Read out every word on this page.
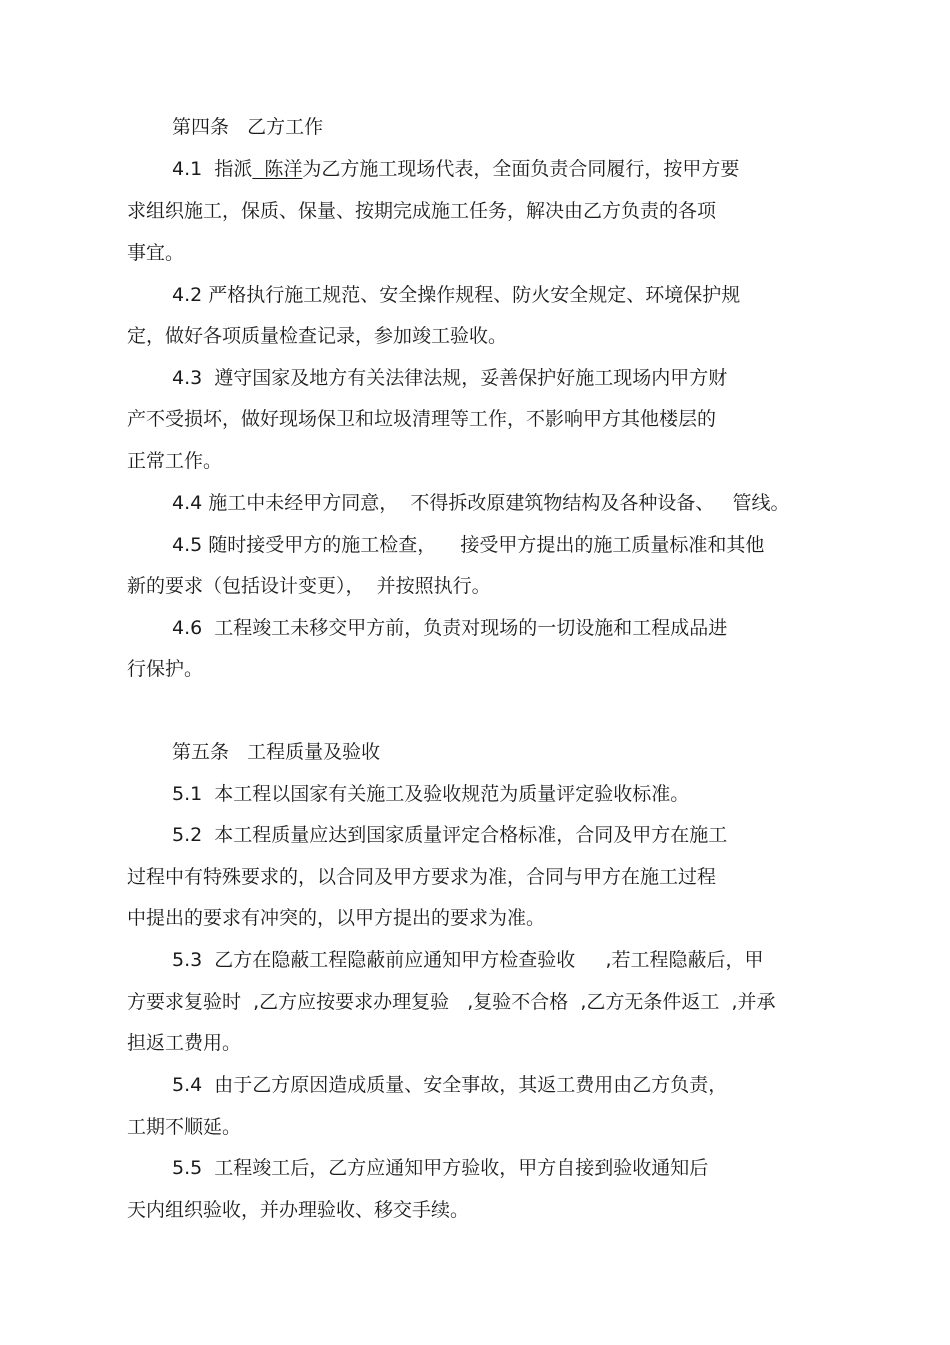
第四条   乙方工作

4.1 指派  陈洋为乙方施工现场代表，全面负责合同履行，按甲方要

求组织施工，保质、保量、按期完成施工任务，解决由乙方负责的各项

事宜。

4.2 严格执行施工规范、安全操作规程、防火安全规定、环境保护规

定，做好各项质量检查记录，参加竣工验收。

4.3  遵守国家及地方有关法律法规，妥善保护好施工现场内甲方财

产不受损坏，做好现场保卫和垃圾清理等工作，不影响甲方其他楼层的

正常工作。

4.4 施工中未经甲方同意，  不得拆改原建筑物结构及各种设备、   管线。

4.5 随时接受甲方的施工检查，    接受甲方提出的施工质量标准和其他

新的要求（包括设计变更），  并按照执行。

4.6  工程竣工未移交甲方前，负责对现场的一切设施和工程成品进

行保护。

第五条   工程质量及验收

5.1  本工程以国家有关施工及验收规范为质量评定验收标准。

5.2  本工程质量应达到国家质量评定合格标准，合同及甲方在施工

过程中有特殊要求的，以合同及甲方要求为准，合同与甲方在施工过程

中提出的要求有冲突的，以甲方提出的要求为准。

5.3  乙方在隐蔽工程隐蔽前应通知甲方检查验收     ,若工程隐蔽后，甲

方要求复验时  ,乙方应按要求办理复验   ,复验不合格  ,乙方无条件返工  ,并承

担返工费用。

5.4  由于乙方原因造成质量、安全事故，其返工费用由乙方负责，

工期不顺延。

5.5  工程竣工后，乙方应通知甲方验收，甲方自接到验收通知后

天内组织验收，并办理验收、移交手续。
